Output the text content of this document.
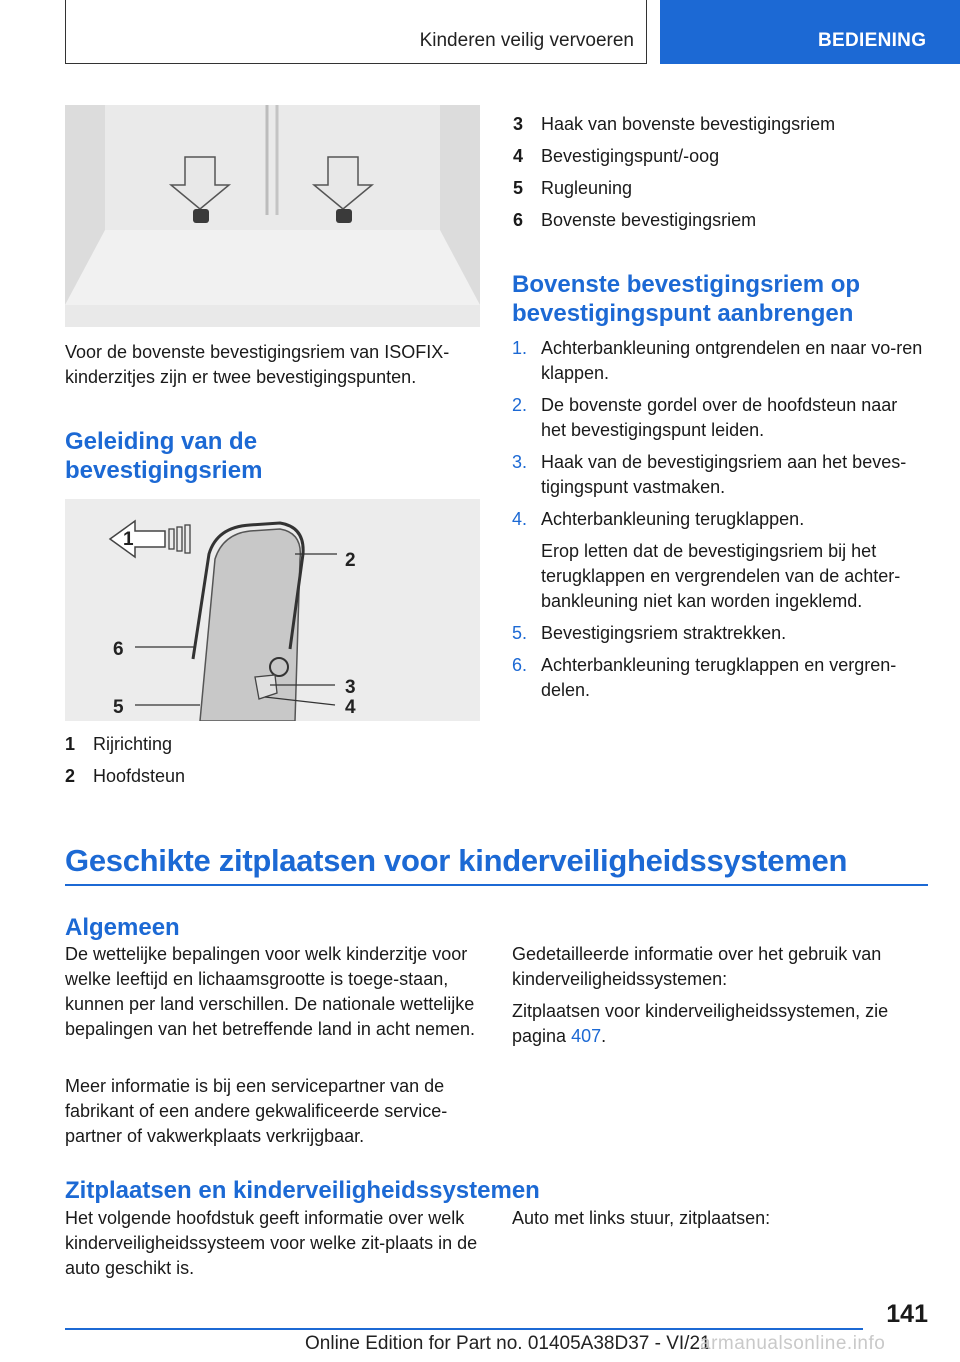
Kinderen veilig vervoeren	BEDIENING
Voor de bovenste bevestigingsriem van ISOFIX-kinderzitjes zijn er twee bevestigingspunten.
Geleiding van de bevestigingsriem
1
2
6
3
5	4
1 Rijrichting
2 Hoofdsteun
3 Haak van bovenste bevestigingsriem
4 Bevestigingspunt/-oog
5 Rugleuning
6 Bovenste bevestigingsriem
Bovenste bevestigingsriem op bevestigingspunt aanbrengen
1. Achterbankleuning ontgrendelen en naar vo-ren klappen.
2. De bovenste gordel over de hoofdsteun naar het bevestigingspunt leiden.
3. Haak van de bevestigingsriem aan het beves-tigingspunt vastmaken.
4. Achterbankleuning terugklappen.
Erop letten dat de bevestigingsriem bij het terugklappen en vergrendelen van de achter-bankleuning niet kan worden ingeklemd.
5. Bevestigingsriem straktrekken.
6. Achterbankleuning terugklappen en vergren-delen.
Geschikte zitplaatsen voor kinderveiligheidssystemen
Algemeen
De wettelijke bepalingen voor welk kinderzitje voor welke leeftijd en lichaamsgrootte is toege-staan, kunnen per land verschillen. De nationale wettelijke bepalingen van het betreffende land in acht nemen.
Meer informatie is bij een servicepartner van de fabrikant of een andere gekwalificeerde service-partner of vakwerkplaats verkrijgbaar.
Gedetailleerde informatie over het gebruik van kinderveiligheidssystemen:
Zitplaatsen voor kinderveiligheidssystemen, zie pagina 407.
Zitplaatsen en kinderveiligheidssystemen
Het volgende hoofdstuk geeft informatie over welk kinderveiligheidssysteem voor welke zit-plaats in de auto geschikt is.
Auto met links stuur, zitplaatsen:
141
Online Edition for Part no. 01405A38D37 - VI/21
armanualsonline.info
